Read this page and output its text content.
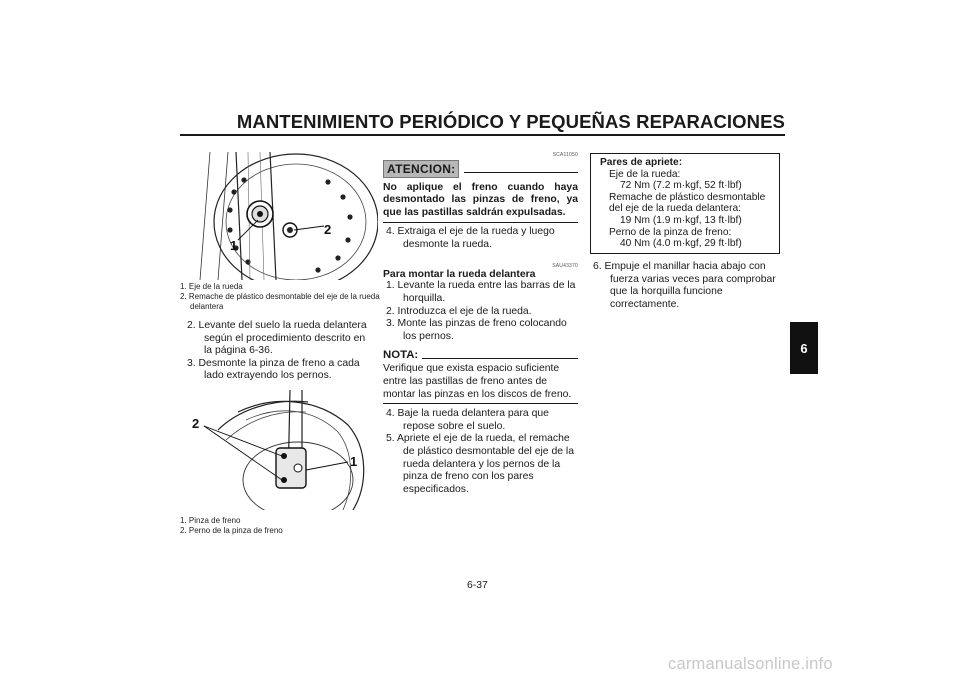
MANTENIMIENTO PERIÓDICO Y PEQUEÑAS REPARACIONES
1
2
1. Eje de la rueda
2. Remache de plástico desmontable del eje de la rueda delantera
2. Levante del suelo la rueda delantera según el procedimiento descrito en la página 6-36.
3. Desmonte la pinza de freno a cada lado extrayendo los pernos.
2
1
1. Pinza de freno
2. Perno de la pinza de freno
SCA11050
ATENCION:
No aplique el freno cuando haya desmontado las pinzas de freno, ya que las pastillas saldrán expulsadas.
4. Extraiga el eje de la rueda y luego desmonte la rueda.
SAU43370
Para montar la rueda delantera
1. Levante la rueda entre las barras de la horquilla.
2. Introduzca el eje de la rueda.
3. Monte las pinzas de freno colocando los pernos.
NOTA:
Verifique que exista espacio suficiente entre las pastillas de freno antes de montar las pinzas en los discos de freno.
4. Baje la rueda delantera para que repose sobre el suelo.
5. Apriete el eje de la rueda, el remache de plástico desmontable del eje de la rueda delantera y los pernos de la pinza de freno con los pares especificados.
Pares de apriete:
Eje de la rueda:
72 Nm (7.2 m·kgf, 52 ft·lbf)
Remache de plástico desmontable del eje de la rueda delantera:
19 Nm (1.9 m·kgf, 13 ft·lbf)
Perno de la pinza de freno:
40 Nm (4.0 m·kgf, 29 ft·lbf)
6. Empuje el manillar hacia abajo con fuerza varias veces para comprobar que la horquilla funcione correctamente.
6
6-37
carmanualsonline.info
